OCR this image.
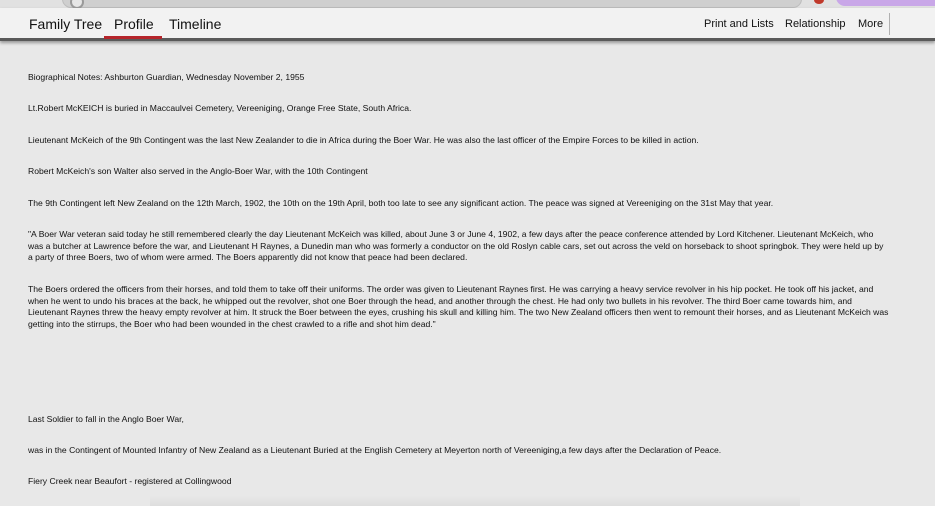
Family Tree Profile Timeline	Print and Lists Relationship More

Biographical Notes: Ashburton Guardian, Wednesday November 2, 1955

Lt.Robert McKEICH is buried in Maccaulvei Cemetery, Vereeniging, Orange Free State, South Africa.

Lieutenant McKeich of the 9th Contingent was the last New Zealander to die in Africa during the Boer War. He was also the last officer of the Empire Forces to be killed in action.

Robert McKeich's son Walter also served in the Anglo-Boer War, with the 10th Contingent

The 9th Contingent left New Zealand on the 12th March, 1902, the 10th on the 19th April, both too late to see any significant action. The peace was signed at Vereeniging on the 31st May that year.

"A Boer War veteran said today he still remembered clearly the day Lieutenant McKeich was killed, about June 3 or June 4, 1902, a few days after the peace conference attended by Lord Kitchener. Lieutenant McKeich, who was a butcher at Lawrence before the war, and Lieutenant H Raynes, a Dunedin man who was formerly a conductor on the old Roslyn cable cars, set out across the veld on horseback to shoot springbok. They were held up by a party of three Boers, two of whom were armed. The Boers apparently did not know that peace had been declared.

The Boers ordered the officers from their horses, and told them to take off their uniforms. The order was given to Lieutenant Raynes first. He was carrying a heavy service revolver in his hip pocket. He took off his jacket, and when he went to undo his braces at the back, he whipped out the revolver, shot one Boer through the head, and another through the chest. He had only two bullets in his revolver. The third Boer came towards him, and Lieutenant Raynes threw the heavy empty revolver at him. It struck the Boer between the eyes, crushing his skull and killing him. The two New Zealand officers then went to remount their horses, and as Lieutenant McKeich was getting into the stirrups, the Boer who had been wounded in the chest crawled to a rifle and shot him dead."

Last Soldier to fall in the Anglo Boer War,

was in the Contingent of Mounted Infantry of New Zealand as a Lieutenant Buried at the English Cemetery at Meyerton north of Vereeniging,a few days after the Declaration of Peace.

Fiery Creek near Beaufort - registered at Collingwood
